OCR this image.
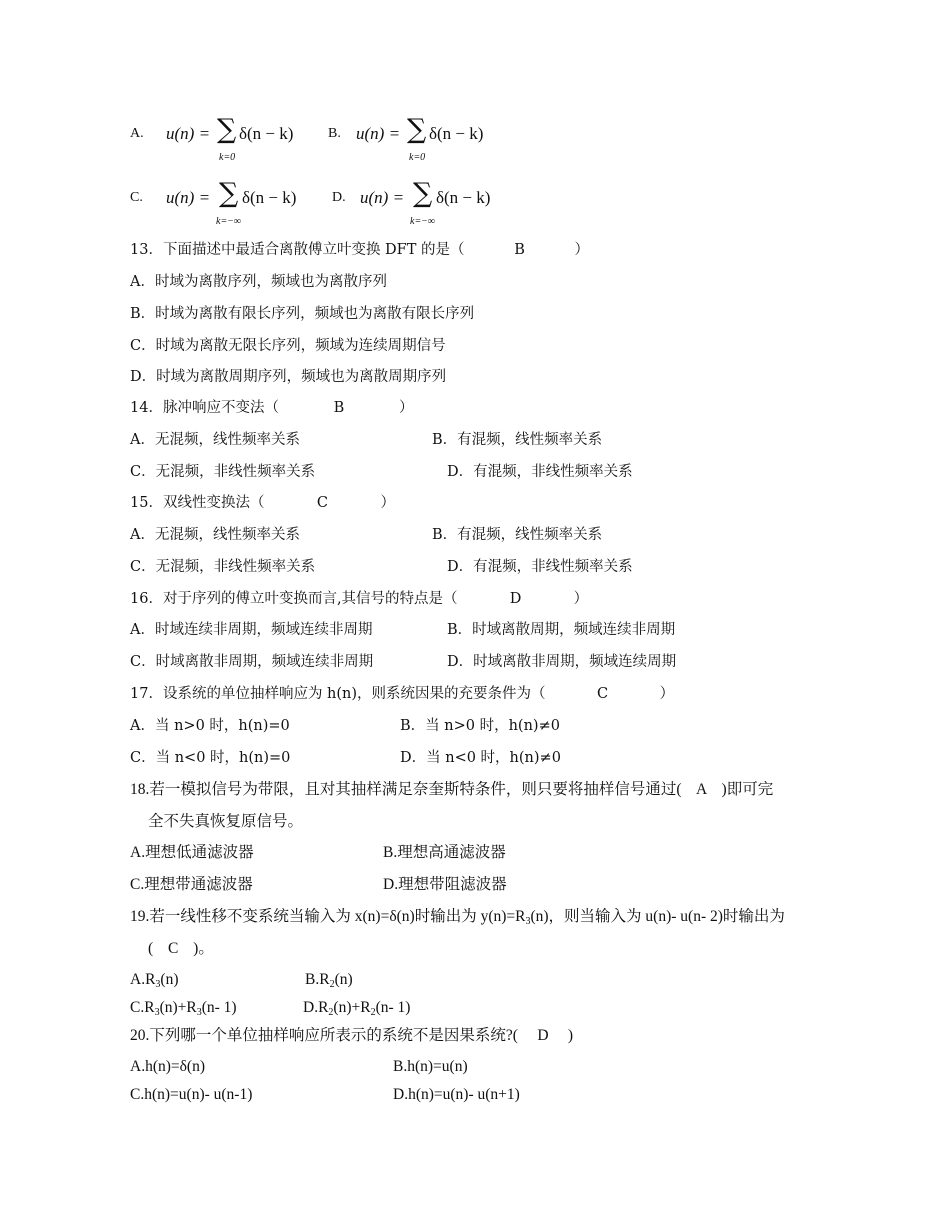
A. u(n) = ∑ δ(n − k)
k=0
B. u(n) = ∑ δ(n − k)
k=0
C. u(n) = ∑ δ(n − k)
k=−∞
D. u(n) = ∑ δ(n − k)
k=−∞
13．下面描述中最适合离散傅立叶变换 DFT 的是（	B	）
A．时域为离散序列，频域也为离散序列
B．时域为离散有限长序列，频域也为离散有限长序列
C．时域为离散无限长序列，频域为连续周期信号
D．时域为离散周期序列，频域也为离散周期序列
14．脉冲响应不变法（	B	）
A．无混频，线性频率关系	B．有混频，线性频率关系
C．无混频，非线性频率关系	D．有混频，非线性频率关系
15．双线性变换法（	C	）
A．无混频，线性频率关系	B．有混频，线性频率关系
C．无混频，非线性频率关系	D．有混频，非线性频率关系
16．对于序列的傅立叶变换而言,其信号的特点是（	D	）
A．时域连续非周期，频域连续非周期	B．时域离散周期，频域连续非周期
C．时域离散非周期，频域连续非周期	D．时域离散非周期，频域连续周期
17．设系统的单位抽样响应为 h(n)，则系统因果的充要条件为（	C	）
A．当 n>0 时，h(n)=0	B．当 n>0 时，h(n)≠0
C．当 n<0 时，h(n)=0	D．当 n<0 时，h(n)≠0
18.若一模拟信号为带限，且对其抽样满足奈奎斯特条件，则只要将抽样信号通过( A )即可完
全不失真恢复原信号。
A.理想低通滤波器	B.理想高通滤波器
C.理想带通滤波器	D.理想带阻滤波器
19.若一线性移不变系统当输入为 x(n)=δ(n)时输出为 $y(n)=R_3(n)$，则当输入为 u(n)- u(n- 2)时输出为
( C )。
$A.R_3(n)$	$B.R_2(n)$
$C.R_3(n)+R_3(n-$ 1)	$D.R_2(n)+R_2(n-$ 1)
20.下列哪一个单位抽样响应所表示的系统不是因果系统?( D )
A.h(n)=δ(n)	B.h(n)=u(n)
C.h(n)=u(n)- u(n-1)	D.h(n)=u(n)- u(n+1)
